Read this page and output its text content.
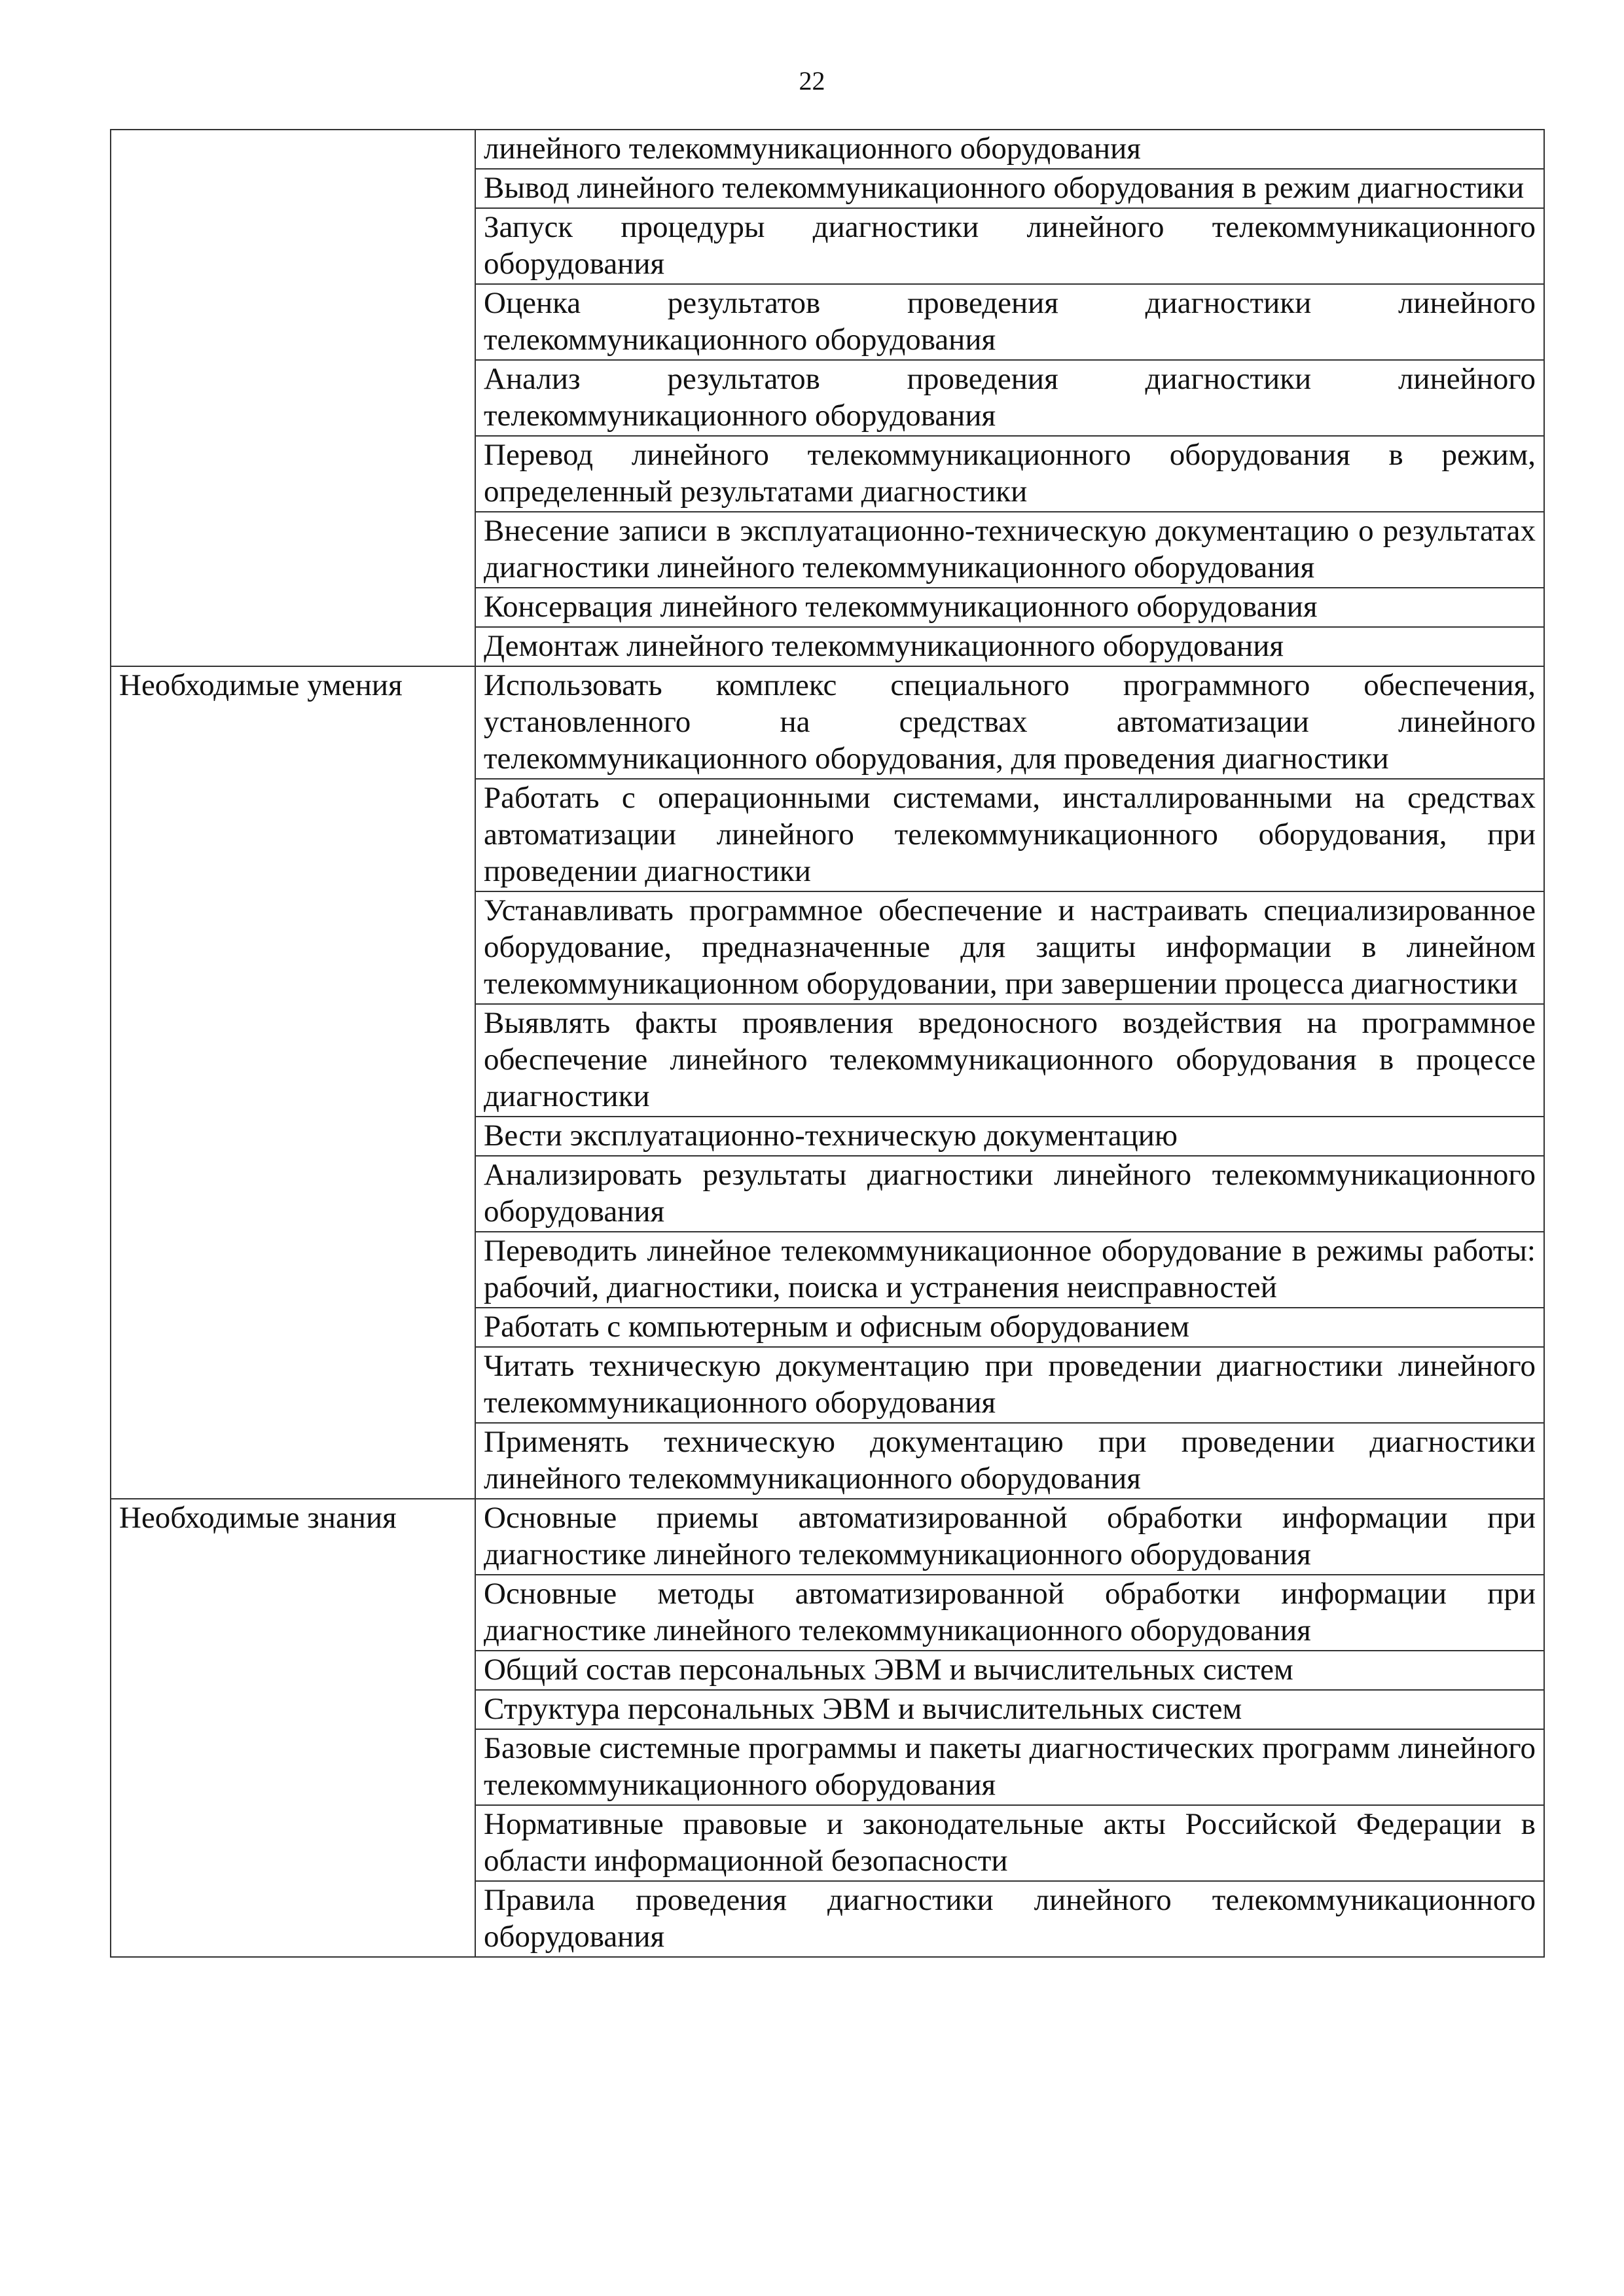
22
	линейного телекоммуникационного оборудования
	Вывод линейного телекоммуникационного оборудования в режим диагностики
	Запуск процедуры диагностики линейного телекоммуникационного оборудования
	Оценка результатов проведения диагностики линейного телекоммуникационного оборудования
	Анализ результатов проведения диагностики линейного телекоммуникационного оборудования
	Перевод линейного телекоммуникационного оборудования в режим, определенный результатами диагностики
	Внесение записи в эксплуатационно-техническую документацию о результатах диагностики линейного телекоммуникационного оборудования
	Консервация линейного телекоммуникационного оборудования
	Демонтаж линейного телекоммуникационного оборудования
Необходимые умения	Использовать комплекс специального программного обеспечения, установленного на средствах автоматизации линейного телекоммуникационного оборудования, для проведения диагностики
	Работать с операционными системами, инсталлированными на средствах автоматизации линейного телекоммуникационного оборудования, при проведении диагностики
	Устанавливать программное обеспечение и настраивать специализированное оборудование, предназначенные для защиты информации в линейном телекоммуникационном оборудовании, при завершении процесса диагностики
	Выявлять факты проявления вредоносного воздействия на программное обеспечение линейного телекоммуникационного оборудования в процессе диагностики
	Вести эксплуатационно-техническую документацию
	Анализировать результаты диагностики линейного телекоммуникационного оборудования
	Переводить линейное телекоммуникационное оборудование в режимы работы: рабочий, диагностики, поиска и устранения неисправностей
	Работать с компьютерным и офисным оборудованием
	Читать техническую документацию при проведении диагностики линейного телекоммуникационного оборудования
	Применять техническую документацию при проведении диагностики линейного телекоммуникационного оборудования
Необходимые знания	Основные приемы автоматизированной обработки информации при диагностике линейного телекоммуникационного оборудования
	Основные методы автоматизированной обработки информации при диагностике линейного телекоммуникационного оборудования
	Общий состав персональных ЭВМ и вычислительных систем
	Структура персональных ЭВМ и вычислительных систем
	Базовые системные программы и пакеты диагностических программ линейного телекоммуникационного оборудования
	Нормативные правовые и законодательные акты Российской Федерации в области информационной безопасности
	Правила проведения диагностики линейного телекоммуникационного оборудования
